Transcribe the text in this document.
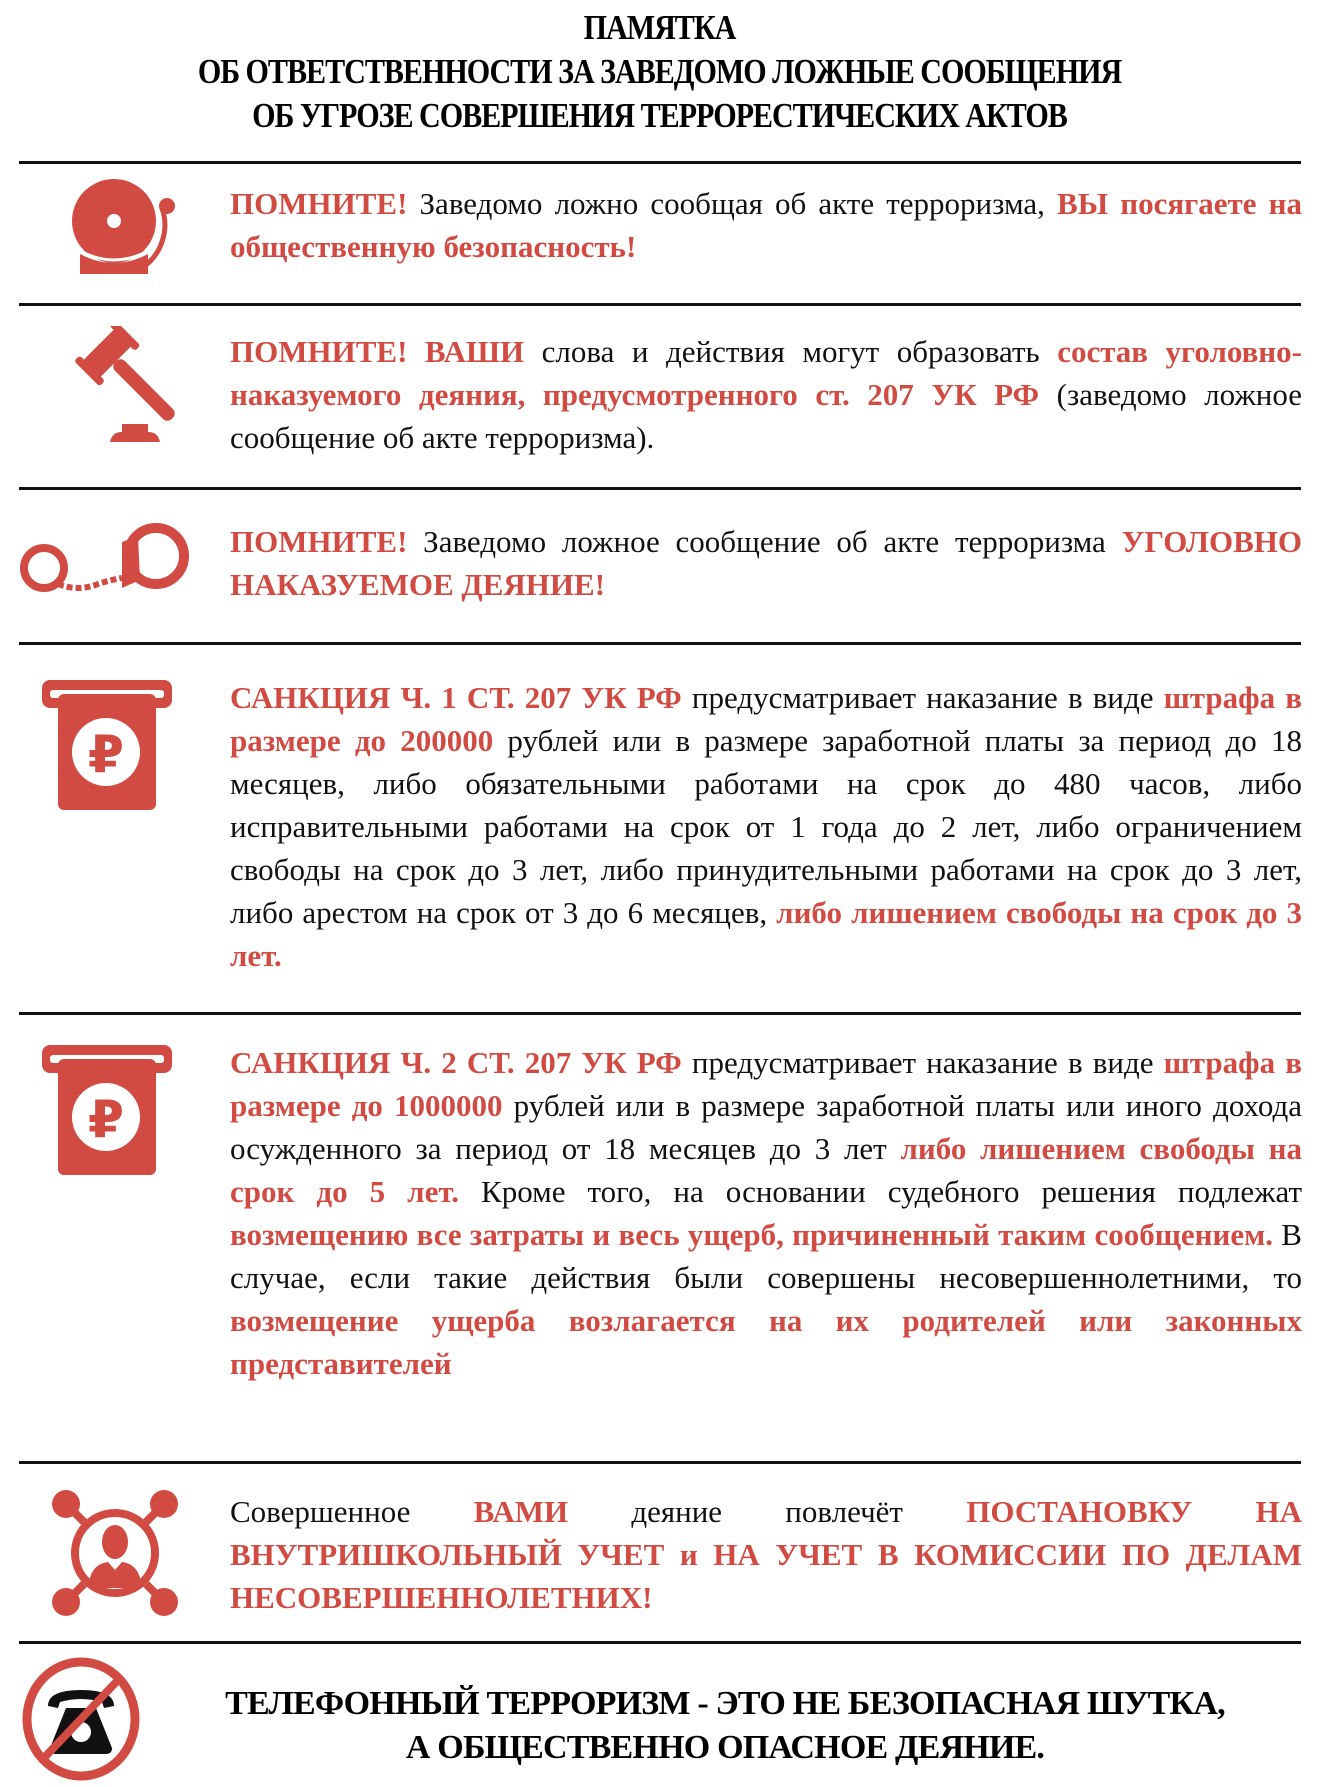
ПАМЯТКА
ОБ ОТВЕТСТВЕННОСТИ ЗА ЗАВЕДОМО ЛОЖНЫЕ СООБЩЕНИЯ
ОБ УГРОЗЕ СОВЕРШЕНИЯ ТЕРРОРЕСТИЧЕСКИХ АКТОВ
ПОМНИТЕ! Заведомо ложно сообщая об акте терроризма, ВЫ посягаете на общественную безопасность!
ПОМНИТЕ! ВАШИ слова и действия могут образовать состав уголовно-наказуемого деяния, предусмотренного ст. 207 УК РФ (заведомо ложное сообщение об акте терроризма).
ПОМНИТЕ! Заведомо ложное сообщение об акте терроризма УГОЛОВНО НАКАЗУЕМОЕ ДЕЯНИЕ!
₽
САНКЦИЯ Ч. 1 СТ. 207 УК РФ предусматривает наказание в виде штрафа в размере до 200000 рублей или в размере заработной платы за период до 18 месяцев, либо обязательными работами на срок до 480 часов, либо исправительными работами на срок от 1 года до 2 лет, либо ограничением свободы на срок до 3 лет, либо принудительными работами на срок до 3 лет, либо арестом на срок от 3 до 6 месяцев, либо лишением свободы на срок до 3 лет.
₽
САНКЦИЯ Ч. 2 СТ. 207 УК РФ предусматривает наказание в виде штрафа в размере до 1000000 рублей или в размере заработной платы или иного дохода осужденного за период от 18 месяцев до 3 лет либо лишением свободы на срок до 5 лет. Кроме того, на основании судебного решения подлежат возмещению все затраты и весь ущерб, причиненный таким сообщением. В случае, если такие действия были совершены несовершеннолетними, то возмещение ущерба возлагается на их родителей или законных представителей
Совершенное ВАМИ деяние повлечёт ПОСТАНОВКУ НА ВНУТРИШКОЛЬНЫЙ УЧЕТ и НА УЧЕТ В КОМИССИИ ПО ДЕЛАМ НЕСОВЕРШЕННОЛЕТНИХ!
ТЕЛЕФОННЫЙ ТЕРРОРИЗМ - ЭТО НЕ БЕЗОПАСНАЯ ШУТКА,
А ОБЩЕСТВЕННО ОПАСНОЕ ДЕЯНИЕ.
